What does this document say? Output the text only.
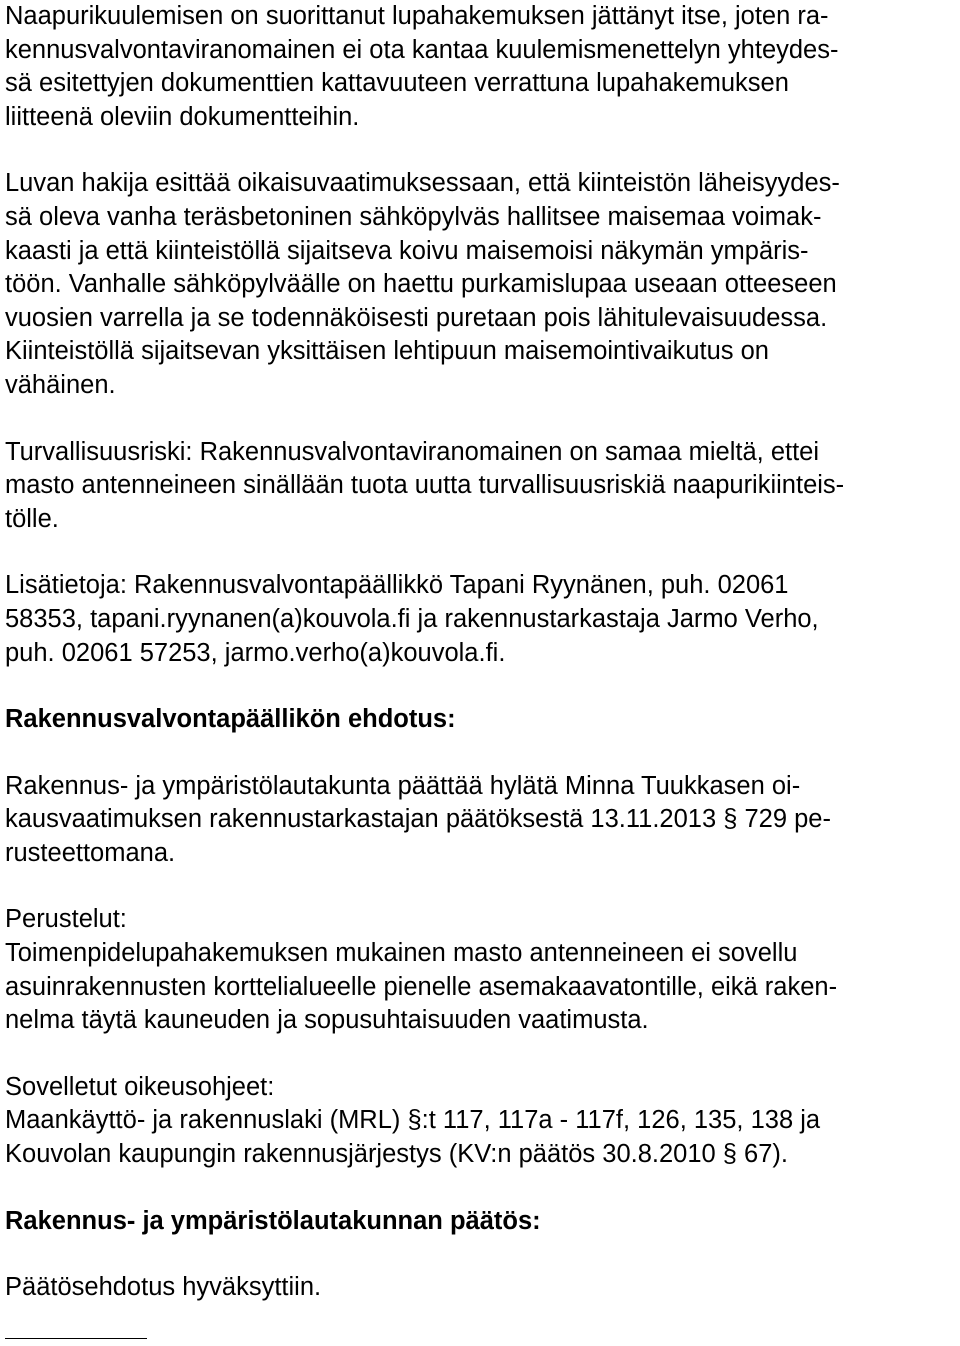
Naapurikuulemisen on suorittanut lupahakemuksen jättänyt itse, joten ra-
kennusvalvontaviranomainen ei ota kantaa kuulemismenettelyn yhteydes-
sä esitettyjen dokumenttien kattavuuteen verrattuna lupahakemuksen
liitteenä oleviin dokumentteihin.
Luvan hakija esittää oikaisuvaatimuksessaan, että kiinteistön läheisyydes-
sä oleva vanha teräsbetoninen sähköpylväs hallitsee maisemaa voimak-
kaasti ja että kiinteistöllä sijaitseva koivu maisemoisi näkymän ympäris-
töön. Vanhalle sähköpylväälle on haettu purkamislupaa useaan otteeseen
vuosien varrella ja se todennäköisesti puretaan pois lähitulevaisuudessa.
Kiinteistöllä sijaitsevan yksittäisen lehtipuun maisemointivaikutus on
vähäinen.
Turvallisuusriski: Rakennusvalvontaviranomainen on samaa mieltä, ettei
masto antenneineen sinällään tuota uutta turvallisuusriskiä naapurikiinteis-
tölle.
Lisätietoja: Rakennusvalvontapäällikkö Tapani Ryynänen, puh. 02061
58353, tapani.ryynanen(a)kouvola.fi ja rakennustarkastaja Jarmo Verho,
puh. 02061 57253, jarmo.verho(a)kouvola.fi.
Rakennusvalvontapäällikön ehdotus:
Rakennus- ja ympäristölautakunta päättää hylätä Minna Tuukkasen oi-
kausvaatimuksen rakennustarkastajan päätöksestä 13.11.2013 § 729 pe-
rusteettomana.
Perustelut:
Toimenpidelupahakemuksen mukainen masto antenneineen ei sovellu
asuinrakennusten korttelialueelle pienelle asemakaavatontille, eikä raken-
nelma täytä kauneuden ja sopusuhtaisuuden vaatimusta.
Sovelletut oikeusohjeet:
Maankäyttö- ja rakennuslaki (MRL) §:t 117, 117a - 117f, 126, 135, 138 ja
Kouvolan kaupungin rakennusjärjestys (KV:n päätös 30.8.2010 § 67).
Rakennus- ja ympäristölautakunnan päätös:
Päätösehdotus hyväksyttiin.
